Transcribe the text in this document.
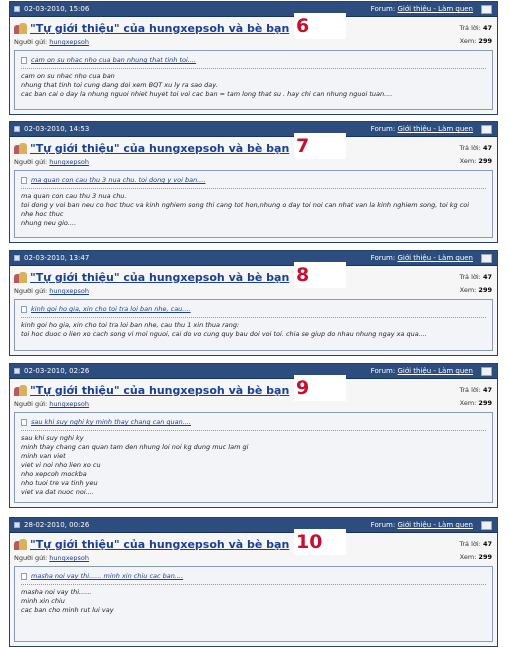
02-03-2010, 15:06	Forum: Giới thiệu - Làm quen
"Tự giới thiệu" của hungxepsoh và bè bạn
Người gửi: hungxepsoh
6	Trả lời: 47
Xem: 299
cam on su nhac nho cua ban nhung that tinh toi....
cam on su nhac nho cua ban
nhung that tinh toi cung dang doi xem BQT xu ly ra sao day.
cac ban cai o day la nhung nguoi nhiet huyet toi voi cac ban = tam long that su . hay chi can nhung nguoi tuan....
02-03-2010, 14:53	Forum: Giới thiệu - Làm quen
"Tự giới thiệu" của hungxepsoh và bè bạn
Người gửi: hungxepsoh
7	Trả lời: 47
Xem: 299
ma quan con cau thu 3 nua chu. toi dong y voi ban....
ma quan con cau thu 3 nua chu.
toi dong y voi ban neu co hoc thuc va kinh nghiem song thi cang tot hon,nhung o day toi noi can nhat van la kinh nghiem song, toi kg coi
nhe hoc thuc
nhung neu gio....
02-03-2010, 13:47	Forum: Giới thiệu - Làm quen
"Tự giới thiệu" của hungxepsoh và bè bạn
Người gửi: hungxepsoh
8	Trả lời: 47
Xem: 299
kinh goi ho gia, xin cho toi tra loi ban nhe, cau....
kinh goi ho gia, xin cho toi tra loi ban nhe, cau thu 1 xin thua rang:
toi hoc duoc o lien xo cach song vi moi nguoi, cai do vo cung quy bau doi voi toi. chia se giup do nhau nhung ngay xa qua....
02-03-2010, 02:26	Forum: Giới thiệu - Làm quen
"Tự giới thiệu" của hungxepsoh và bè bạn
Người gửi: hungxepsoh
9	Trả lời: 47
Xem: 299
sau khi suy nghi ky minh thay chang can quan....
sau khi suy nghi ky
minh thay chang can quan tam den nhung loi noi kg dung muc lam gi
minh van viet
viet vi noi nho lien xo cu
nho xepcoh mockba
nho tuoi tre va tinh yeu
viet va dat nuoc noi....
28-02-2010, 00:26	Forum: Giới thiệu - Làm quen
"Tự giới thiệu" của hungxepsoh và bè bạn
Người gửi: hungxepsoh
10	Trả lời: 47
Xem: 299
masha noi vay thi...... minh xin chiu cac ban....
masha noi vay thi......
minh xin chiu
cac ban cho minh rut lui vay
